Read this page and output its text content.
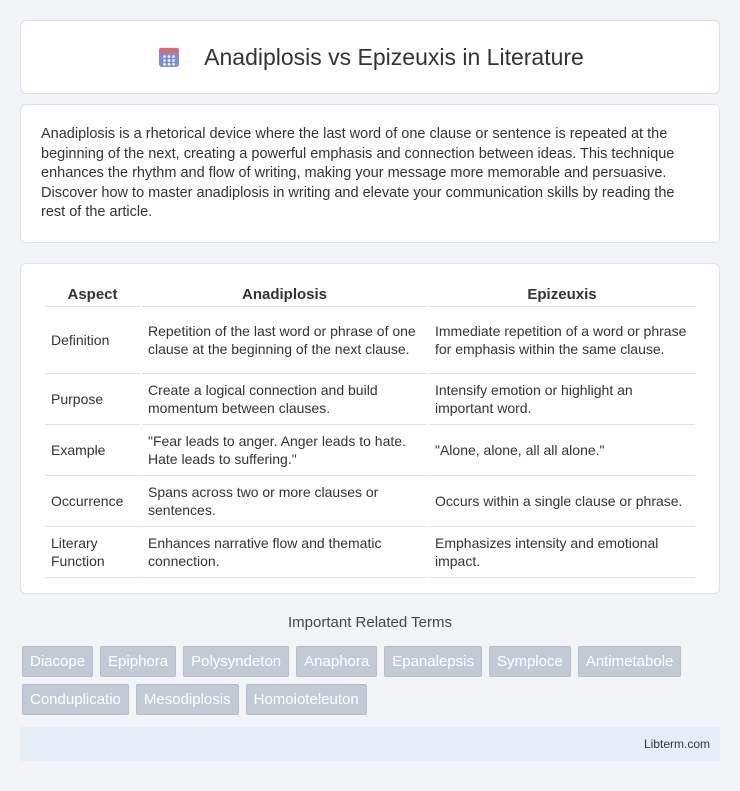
Anadiplosis vs Epizeuxis in Literature

Anadiplosis is a rhetorical device where the last word of one clause or sentence is repeated at the beginning of the next, creating a powerful emphasis and connection between ideas. This technique enhances the rhythm and flow of writing, making your message more memorable and persuasive. Discover how to master anadiplosis in writing and elevate your communication skills by reading the rest of the article.

Aspect	Anadiplosis	Epizeuxis
Definition	Repetition of the last word or phrase of one clause at the beginning of the next clause.	Immediate repetition of a word or phrase for emphasis within the same clause.
Purpose	Create a logical connection and build momentum between clauses.	Intensify emotion or highlight an important word.
Example	"Fear leads to anger. Anger leads to hate. Hate leads to suffering."	"Alone, alone, all all alone."
Occurrence	Spans across two or more clauses or sentences.	Occurs within a single clause or phrase.
Literary Function	Enhances narrative flow and thematic connection.	Emphasizes intensity and emotional impact.
Important Related Terms
Diacope	Epiphora	Polysyndeton	Anaphora	Epanalepsis	Symploce	Antimetabole
Conduplicatio	Mesodiplosis	Homoioteleuton
Libterm.com
